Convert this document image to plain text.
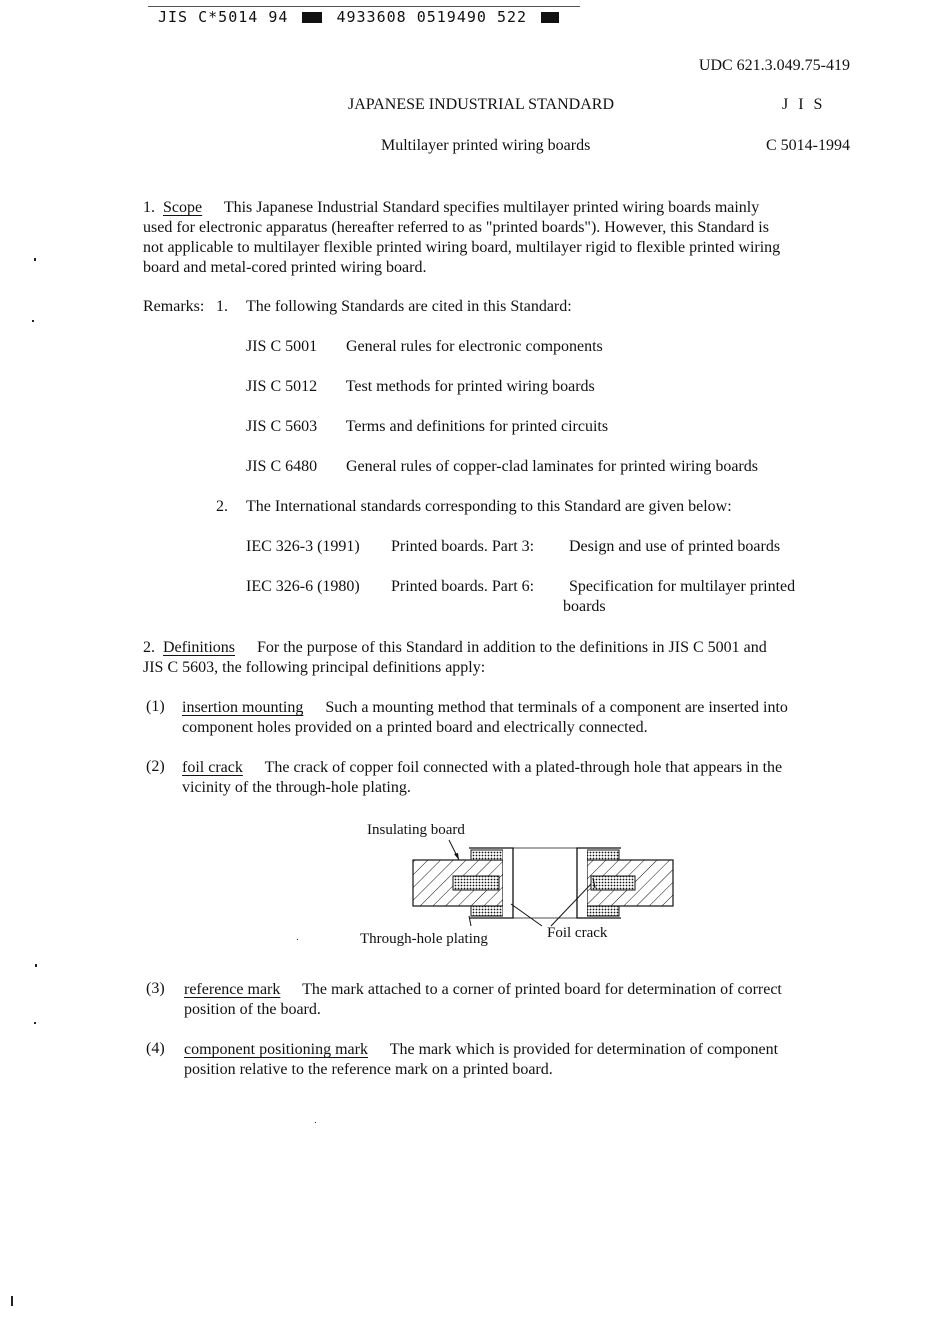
JIS C*5014 94	4933608 0519490 522
UDC 621.3.049.75-419
JAPANESE INDUSTRIAL STANDARD	J I S
Multilayer printed wiring boards	C 5014-1994
1. Scope This Japanese Industrial Standard specifies multilayer printed wiring boards mainly
used for electronic apparatus (hereafter referred to as "printed boards"). However, this Standard is
not applicable to multilayer flexible printed wiring board, multilayer rigid to flexible printed wiring
board and metal-cored printed wiring board.
Remarks: 1. The following Standards are cited in this Standard:
JIS C 5001 General rules for electronic components
JIS C 5012 Test methods for printed wiring boards
JIS C 5603 Terms and definitions for printed circuits
JIS C 6480 General rules of copper-clad laminates for printed wiring boards
2. The International standards corresponding to this Standard are given below:
IEC 326-3 (1991) Printed boards. Part 3: Design and use of printed boards
IEC 326-6 (1980) Printed boards. Part 6: Specification for multilayer printed
boards
2. Definitions For the purpose of this Standard in addition to the definitions in JIS C 5001 and
JIS C 5603, the following principal definitions apply:
(1) insertion mounting Such a mounting method that terminals of a component are inserted into
component holes provided on a printed board and electrically connected.
(2) foil crack The crack of copper foil connected with a plated-through hole that appears in the
vicinity of the through-hole plating.
Insulating board
Through-hole plating	Foil crack
(3) reference mark The mark attached to a corner of printed board for determination of correct
position of the board.
(4) component positioning mark The mark which is provided for determination of component
position relative to the reference mark on a printed board.
